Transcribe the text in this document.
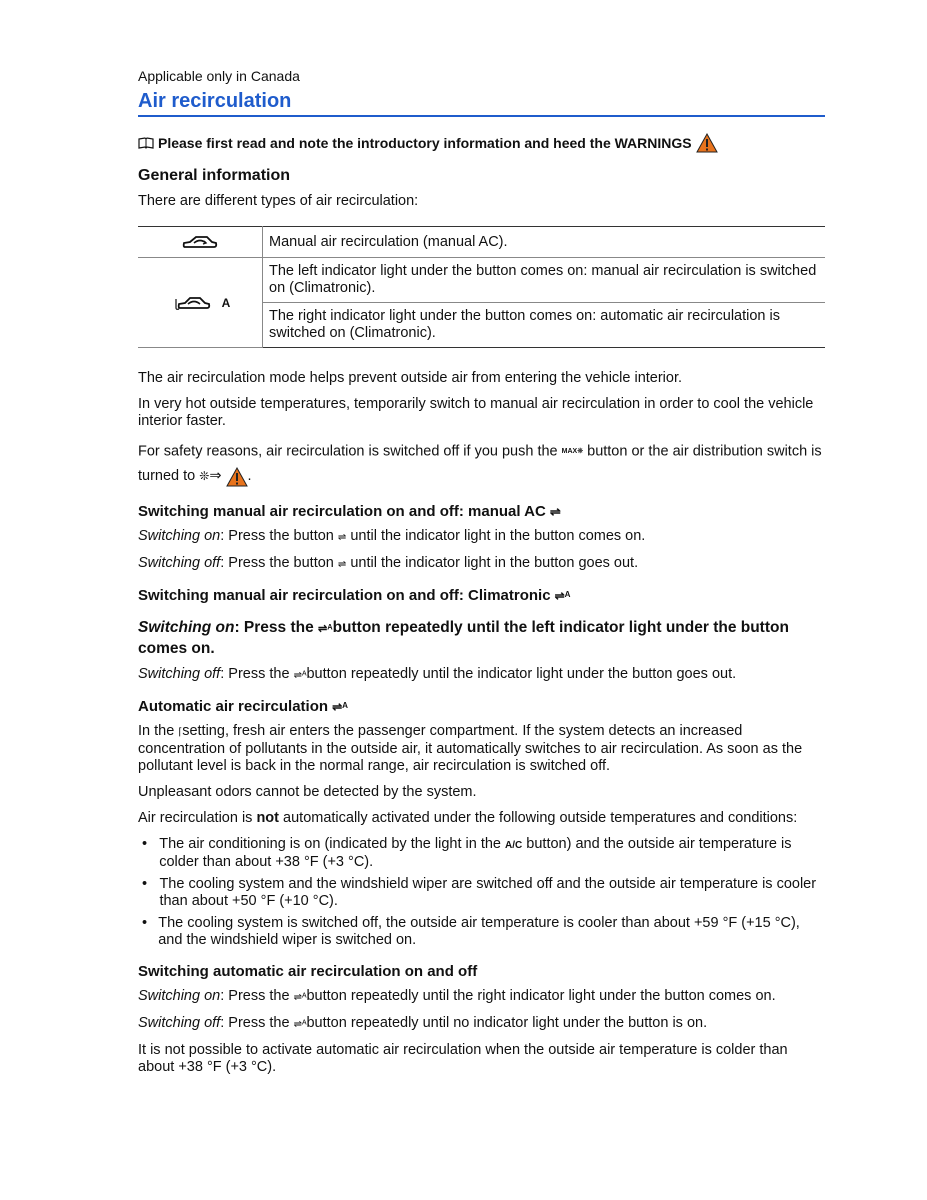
Applicable only in Canada
Air recirculation
Please first read and note the introductory information and heed the WARNINGS
General information

There are different types of air recirculation:

	Manual air recirculation (manual AC).
A	The left indicator light under the button comes on: manual air recirculation is switched on (Climatronic).
	The right indicator light under the button comes on: automatic air recirculation is switched on (Climatronic).

The air recirculation mode helps prevent outside air from entering the vehicle interior.

In very hot outside temperatures, temporarily switch to manual air recirculation in order to cool the vehicle interior faster.

For safety reasons, air recirculation is switched off if you push the MAX❊ button or the air distribution switch is turned to ❊⇒ .

Switching manual air recirculation on and off: manual AC ⇌

Switching on: Press the button ⇌ until the indicator light in the button comes on.

Switching off: Press the button ⇌ until the indicator light in the button goes out.

Switching manual air recirculation on and off: Climatronic ⇌ᴬ
Switching on: Press the ⇌ᴬbutton repeatedly until the left indicator light under the button comes on.

Switching off: Press the ⇌ᴬbutton repeatedly until the indicator light under the button goes out.

Automatic air recirculation ⇌ᴬ

In the ⌈setting, fresh air enters the passenger compartment. If the system detects an increased concentration of pollutants in the outside air, it automatically switches to air recirculation. As soon as the pollutant level is back in the normal range, air recirculation is switched off.

Unpleasant odors cannot be detected by the system.

Air recirculation is not automatically activated under the following outside temperatures and conditions:

• The air conditioning is on (indicated by the light in the A/C button) and the outside air temperature is colder than about +38 °F (+3 °C).
• The cooling system and the windshield wiper are switched off and the outside air temperature is cooler than about +50 °F (+10 °C).
• The cooling system is switched off, the outside air temperature is cooler than about +59 °F (+15 °C), and the windshield wiper is switched on.
Switching automatic air recirculation on and off

Switching on: Press the ⇌ᴬbutton repeatedly until the right indicator light under the button comes on.

Switching off: Press the ⇌ᴬbutton repeatedly until no indicator light under the button is on.

It is not possible to activate automatic air recirculation when the outside air temperature is colder than about +38 °F (+3 °C).
